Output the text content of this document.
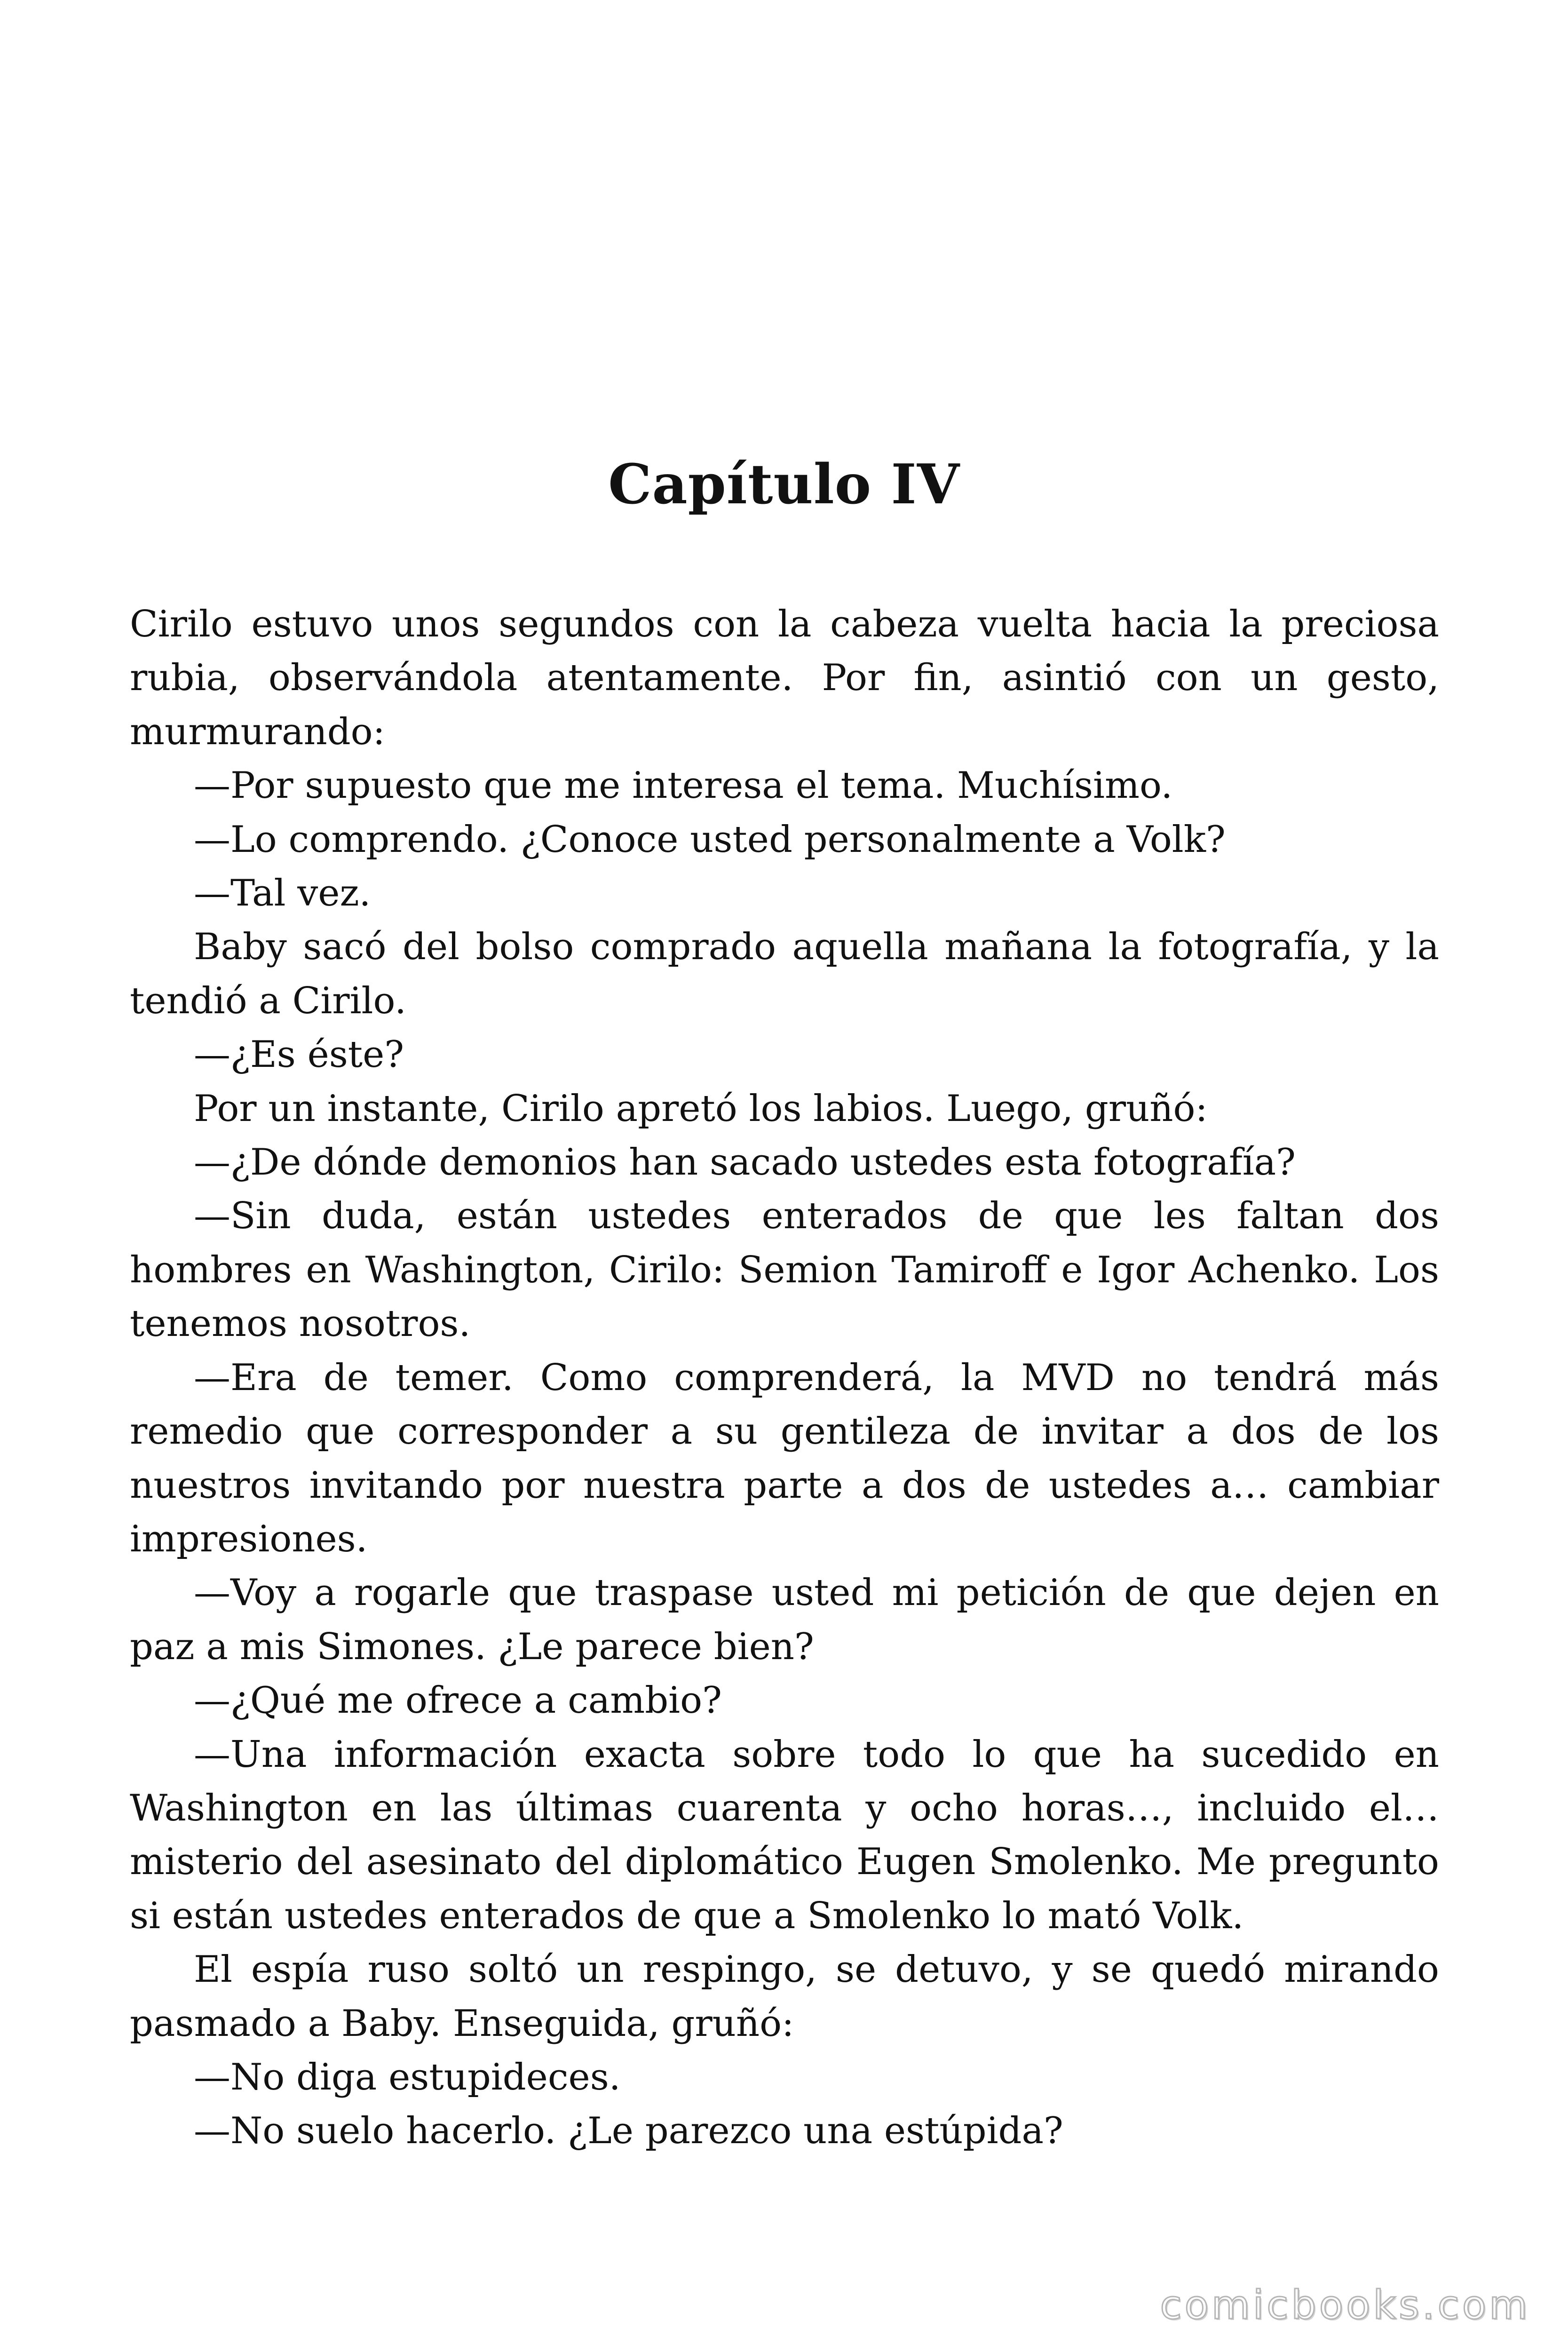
Capítulo IV

Cirilo estuvo unos segundos con la cabeza vuelta hacia la preciosa rubia, observándola atentamente. Por fin, asintió con un gesto, murmurando:

—Por supuesto que me interesa el tema. Muchísimo.

—Lo comprendo. ¿Conoce usted personalmente a Volk?

—Tal vez.

Baby sacó del bolso comprado aquella mañana la fotografía, y la tendió a Cirilo.

—¿Es éste?

Por un instante, Cirilo apretó los labios. Luego, gruñó:

—¿De dónde demonios han sacado ustedes esta fotografía?

—Sin duda, están ustedes enterados de que les faltan dos hombres en Washington, Cirilo: Semion Tamiroff e Igor Achenko. Los tenemos nosotros.

—Era de temer. Como comprenderá, la MVD no tendrá más remedio que corresponder a su gentileza de invitar a dos de los nuestros invitando por nuestra parte a dos de ustedes a… cambiar impresiones.

—Voy a rogarle que traspase usted mi petición de que dejen en paz a mis Simones. ¿Le parece bien?

—¿Qué me ofrece a cambio?

—Una información exacta sobre todo lo que ha sucedido en Washington en las últimas cuarenta y ocho horas…, incluido el… misterio del asesinato del diplomático Eugen Smolenko. Me pregunto si están ustedes enterados de que a Smolenko lo mató Volk.

El espía ruso soltó un respingo, se detuvo, y se quedó mirando pasmado a Baby. Enseguida, gruñó:

—No diga estupideces.

—No suelo hacerlo. ¿Le parezco una estúpida?

comicbooks.com
